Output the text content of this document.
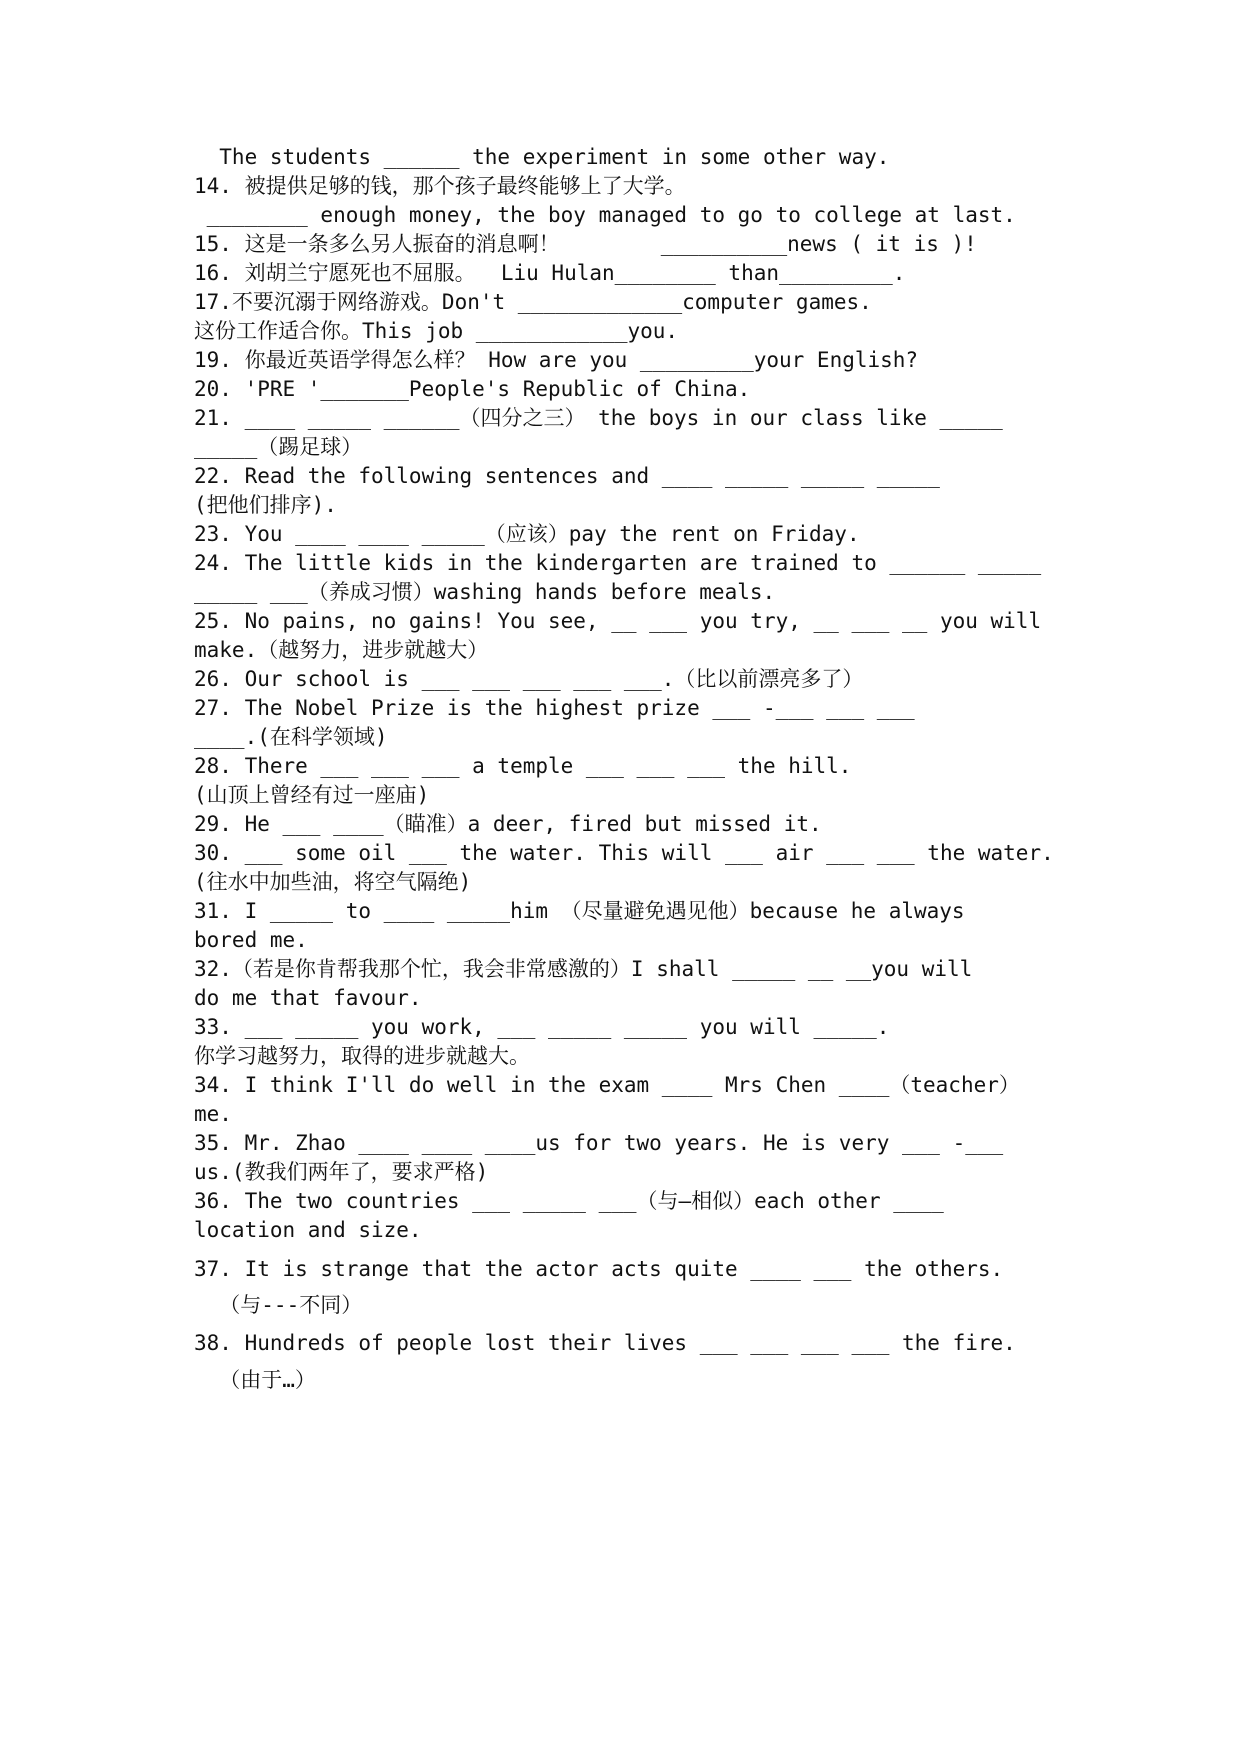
The students ______ the experiment in some other way.
14. 被提供足够的钱，那个孩子最终能够上了大学。
________ enough money, the boy managed to go to college at last.
15. 这是一条多么另人振奋的消息啊！        __________news ( it is )!
16. 刘胡兰宁愿死也不屈服。  Liu Hulan________ than_________.
17.不要沉溺于网络游戏。Don't _____________computer games.
这份工作适合你。This job ____________you.
19. 你最近英语学得怎么样？ How are you _________your English?
20. 'PRE '_______People's Republic of China.
21. ____ _____ ______（四分之三） the boys in our class like _____
_____（踢足球）
22. Read the following sentences and ____ _____ _____ _____
(把他们排序).
23. You ____ ____ _____（应该）pay the rent on Friday.
24. The little kids in the kindergarten are trained to ______ _____
_____ ___（养成习惯）washing hands before meals.
25. No pains, no gains! You see, __ ___ you try, __ ___ __ you will
make.（越努力，进步就越大）
26. Our school is ___ ___ ___ ___ ___.（比以前漂亮多了）
27. The Nobel Prize is the highest prize ___ -___ ___ ___
____.(在科学领域)
28. There ___ ___ ___ a temple ___ ___ ___ the hill.
(山顶上曾经有过一座庙)
29. He ___ ____（瞄准）a deer, fired but missed it.
30. ___ some oil ___ the water. This will ___ air ___ ___ the water.
(往水中加些油，将空气隔绝)
31. I _____ to ____ _____him （尽量避免遇见他）because he always
bored me.
32.（若是你肯帮我那个忙，我会非常感激的）I shall _____ __ __you will
do me that favour.
33. ___ _____ you work, ___ _____ _____ you will _____.
你学习越努力，取得的进步就越大。
34. I think I'll do well in the exam ____ Mrs Chen ____（teacher）
me.
35. Mr. Zhao ____ ____ ____us for two years. He is very ___ -___
us.(教我们两年了，要求严格)
36. The two countries ___ _____ ___（与—相似）each other ____
location and size.
37. It is strange that the actor acts quite ____ ___ the others.
（与---不同）
38. Hundreds of people lost their lives ___ ___ ___ ___ the fire.
（由于…）
